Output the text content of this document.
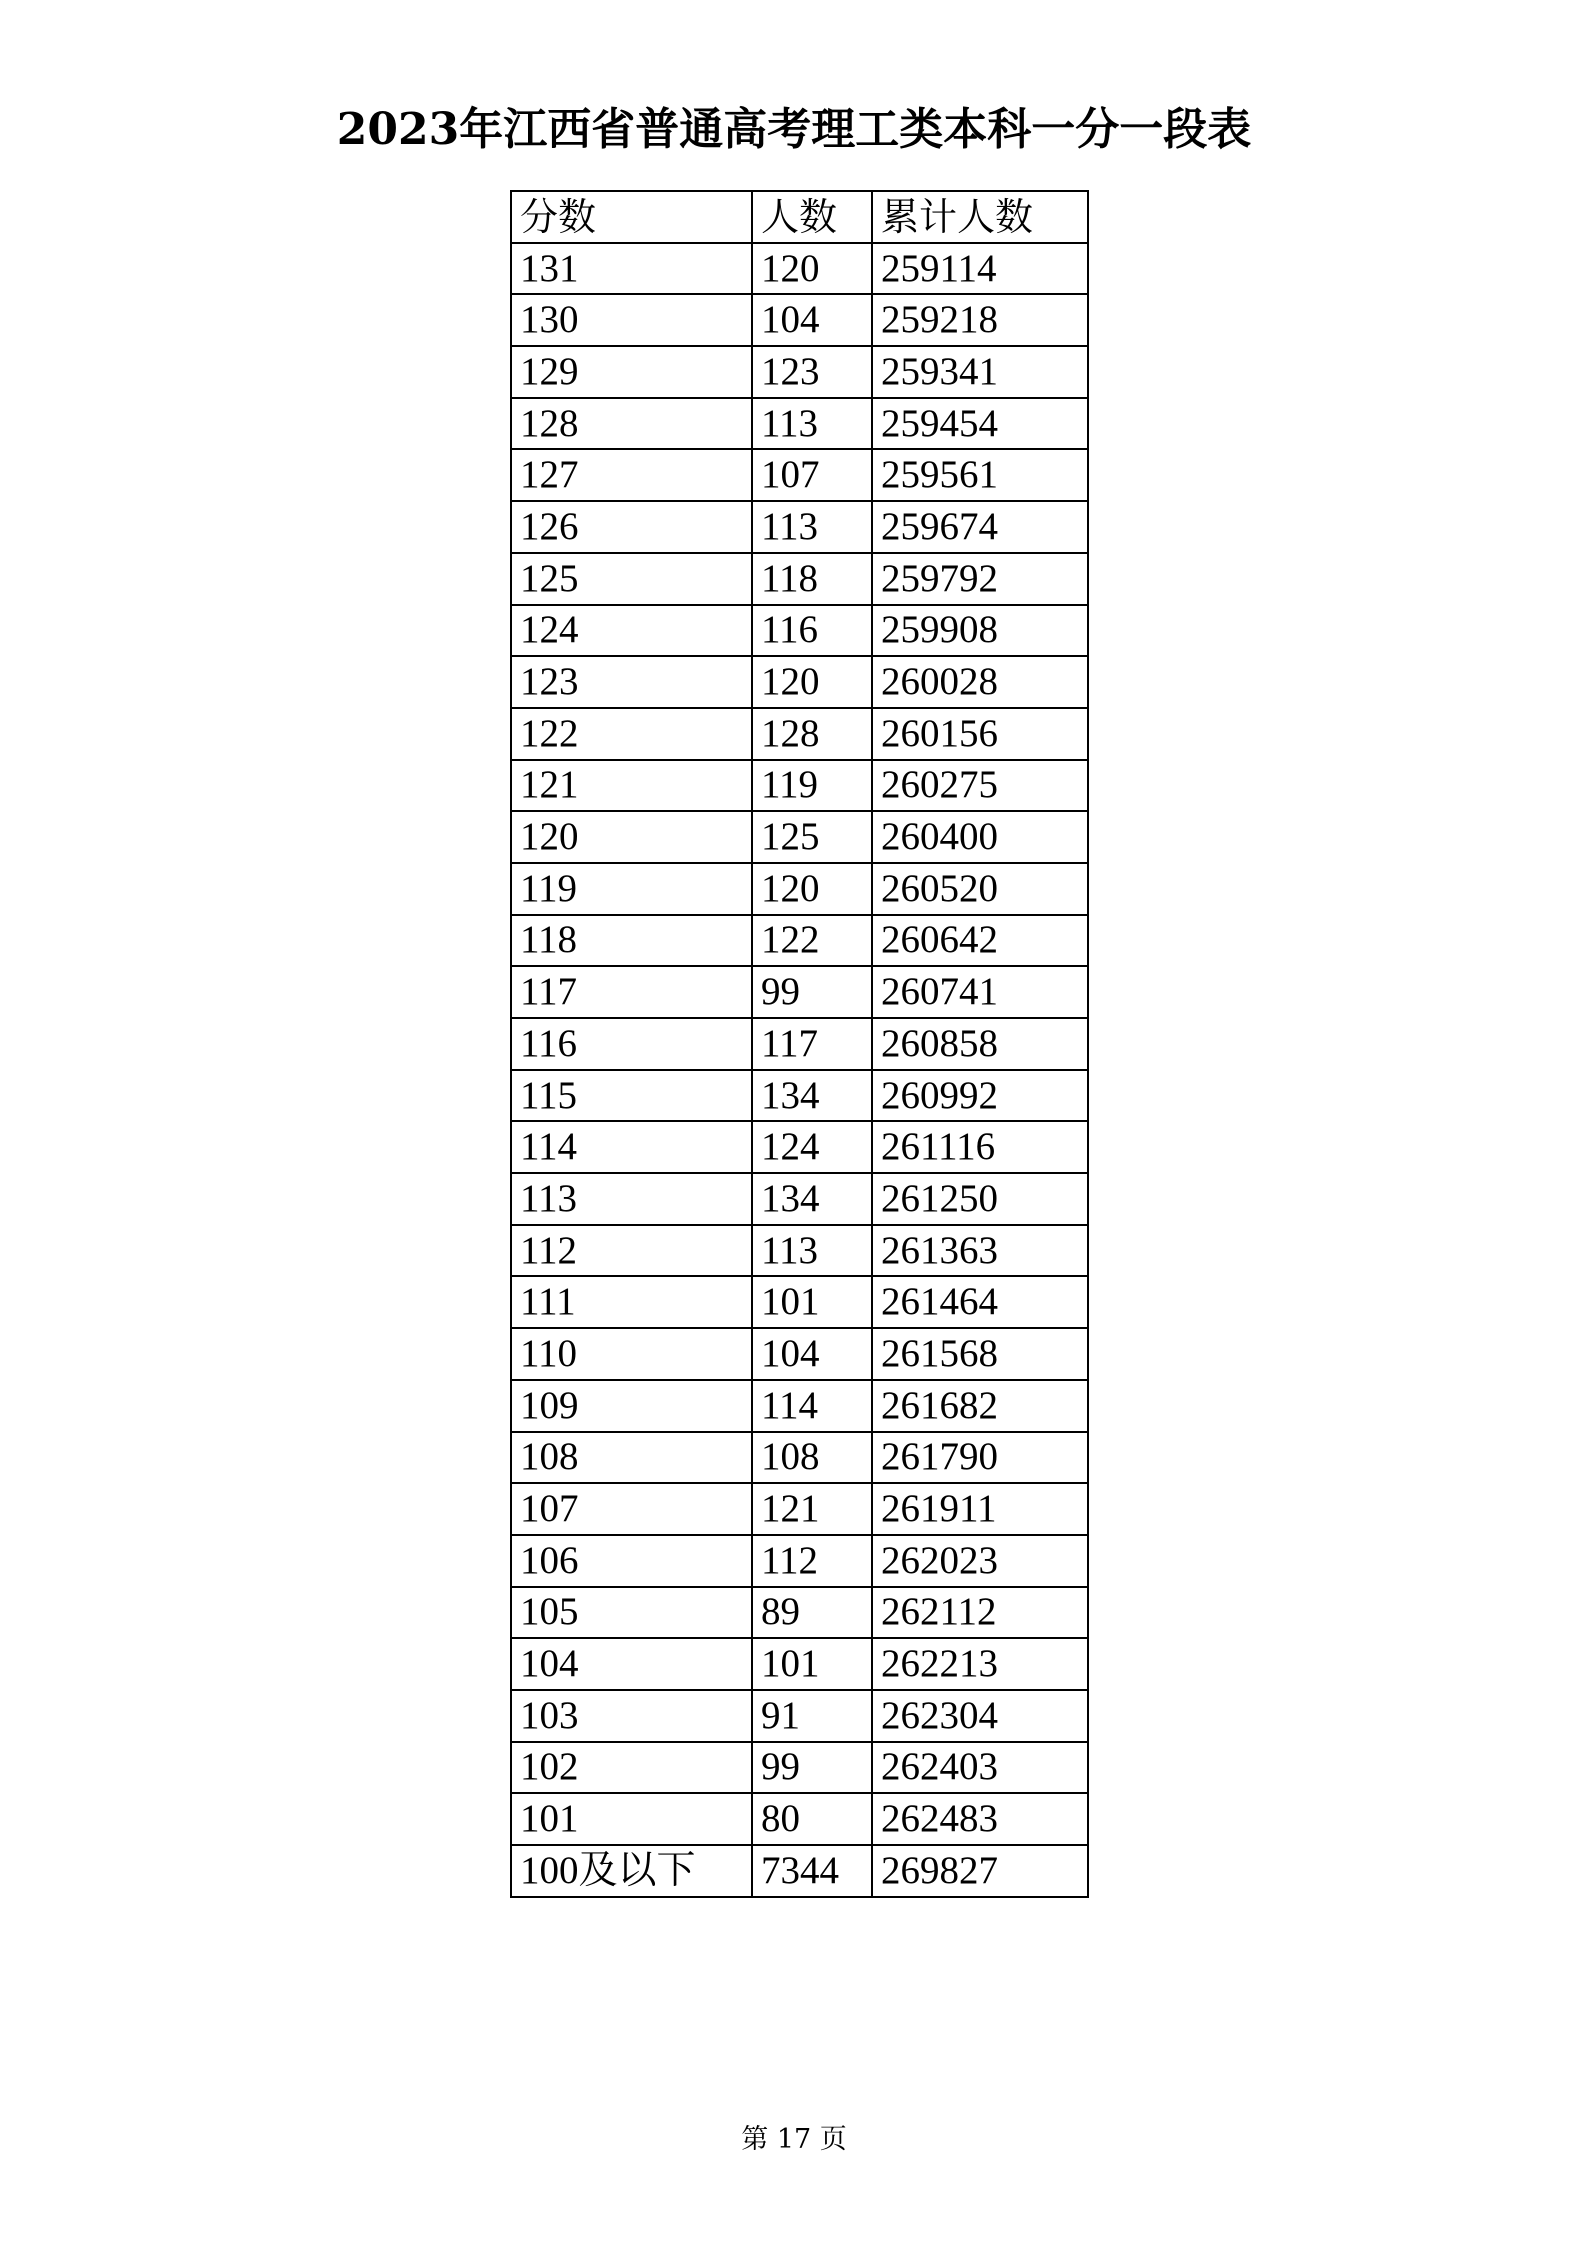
2023年江西省普通高考理工类本科一分一段表
分数	人数	累计人数
131	120	259114
130	104	259218
129	123	259341
128	113	259454
127	107	259561
126	113	259674
125	118	259792
124	116	259908
123	120	260028
122	128	260156
121	119	260275
120	125	260400
119	120	260520
118	122	260642
117	99	260741
116	117	260858
115	134	260992
114	124	261116
113	134	261250
112	113	261363
111	101	261464
110	104	261568
109	114	261682
108	108	261790
107	121	261911
106	112	262023
105	89	262112
104	101	262213
103	91	262304
102	99	262403
101	80	262483
100及以下	7344	269827
第 17 页
